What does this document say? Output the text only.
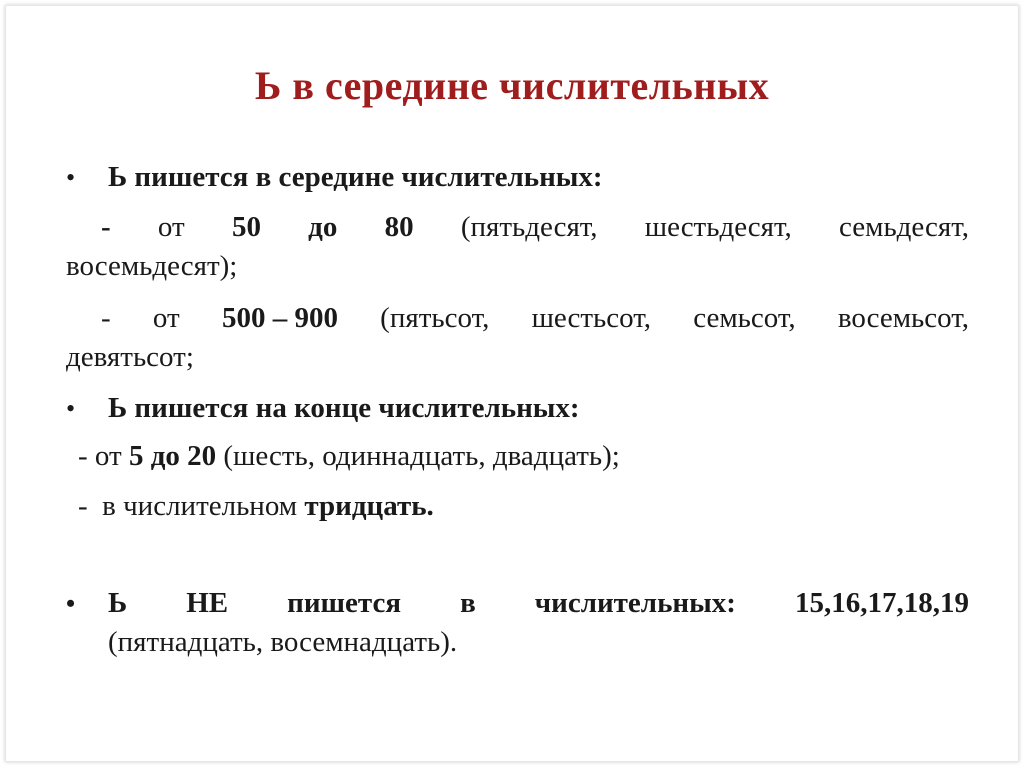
Ь в середине числительных
• Ь пишется в середине числительных:
- от 50 до 80 (пятьдесят, шестьдесят, семьдесят,
восемьдесят);
- от 500 – 900 (пятьсот, шестьсот, семьсот, восемьсот,
девятьсот;
• Ь пишется на конце числительных:
- от 5 до 20 (шесть, одиннадцать, двадцать);
-  в числительном тридцать.
• Ь НЕ пишется в числительных: 15,16,17,18,19
(пятнадцать, восемнадцать).
